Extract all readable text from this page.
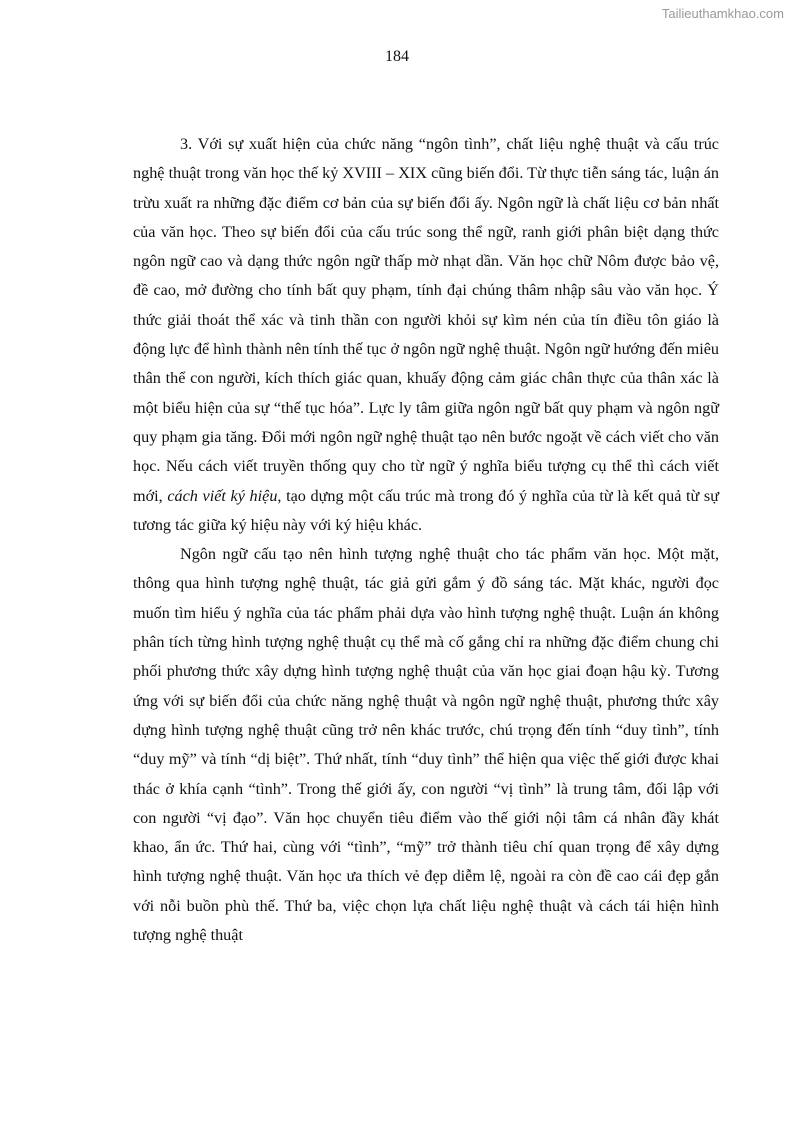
Tailieuthamkhao.com
184

3. Với sự xuất hiện của chức năng “ngôn tình”, chất liệu nghệ thuật và cấu trúc nghệ thuật trong văn học thế kỷ XVIII – XIX cũng biến đổi. Từ thực tiễn sáng tác, luận án trừu xuất ra những đặc điểm cơ bản của sự biến đổi ấy. Ngôn ngữ là chất liệu cơ bản nhất của văn học. Theo sự biến đổi của cấu trúc song thể ngữ, ranh giới phân biệt dạng thức ngôn ngữ cao và dạng thức ngôn ngữ thấp mờ nhạt dần. Văn học chữ Nôm được bảo vệ, đề cao, mở đường cho tính bất quy phạm, tính đại chúng thâm nhập sâu vào văn học. Ý thức giải thoát thể xác và tinh thần con người khỏi sự kìm nén của tín điều tôn giáo là động lực để hình thành nên tính thế tục ở ngôn ngữ nghệ thuật. Ngôn ngữ hướng đến miêu thân thể con người, kích thích giác quan, khuấy động cảm giác chân thực của thân xác là một biểu hiện của sự “thế tục hóa”. Lực ly tâm giữa ngôn ngữ bất quy phạm và ngôn ngữ quy phạm gia tăng. Đổi mới ngôn ngữ nghệ thuật tạo nên bước ngoặt về cách viết cho văn học. Nếu cách viết truyền thống quy cho từ ngữ ý nghĩa biểu tượng cụ thể thì cách viết mới, cách viết ký hiệu, tạo dựng một cấu trúc mà trong đó ý nghĩa của từ là kết quả từ sự tương tác giữa ký hiệu này với ký hiệu khác.

Ngôn ngữ cấu tạo nên hình tượng nghệ thuật cho tác phẩm văn học. Một mặt, thông qua hình tượng nghệ thuật, tác giả gửi gắm ý đồ sáng tác. Mặt khác, người đọc muốn tìm hiểu ý nghĩa của tác phẩm phải dựa vào hình tượng nghệ thuật. Luận án không phân tích từng hình tượng nghệ thuật cụ thể mà cố gắng chỉ ra những đặc điểm chung chi phối phương thức xây dựng hình tượng nghệ thuật của văn học giai đoạn hậu kỳ. Tương ứng với sự biến đổi của chức năng nghệ thuật và ngôn ngữ nghệ thuật, phương thức xây dựng hình tượng nghệ thuật cũng trở nên khác trước, chú trọng đến tính “duy tình”, tính “duy mỹ” và tính “dị biệt”. Thứ nhất, tính “duy tình” thể hiện qua việc thế giới được khai thác ở khía cạnh “tình”. Trong thế giới ấy, con người “vị tình” là trung tâm, đối lập với con người “vị đạo”. Văn học chuyển tiêu điểm vào thế giới nội tâm cá nhân đầy khát khao, ẩn ức. Thứ hai, cùng với “tình”, “mỹ” trở thành tiêu chí quan trọng để xây dựng hình tượng nghệ thuật. Văn học ưa thích vẻ đẹp diễm lệ, ngoài ra còn đề cao cái đẹp gắn với nỗi buồn phù thế. Thứ ba, việc chọn lựa chất liệu nghệ thuật và cách tái hiện hình tượng nghệ thuật
